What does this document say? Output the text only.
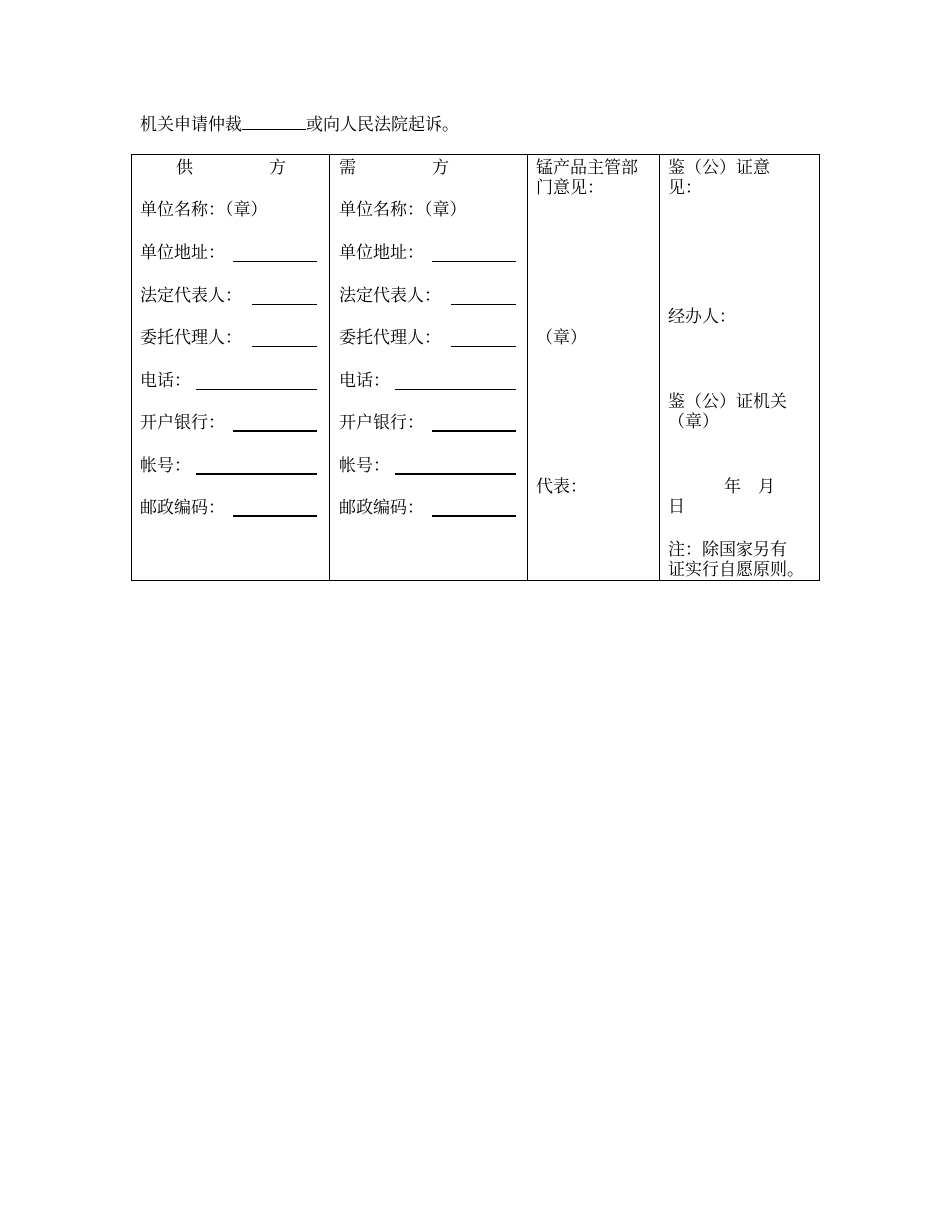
机关申请仲裁	或向人民法院起诉。
供	方
单位名称：（章）
单位地址：
法定代表人：
委托代理人：
电话：
开户银行：
帐号：
邮政编码：

需	方
单位名称：（章）
单位地址：
法定代表人：
委托代理人：
电话：
开户银行：
帐号：
邮政编码：

锰产品主管部
门意见：
（章）
代表：

鉴（公）证意
见：
经办人：
鉴（公）证机关
（章）
年　月
日
注：除国家另有
证实行自愿原则。
